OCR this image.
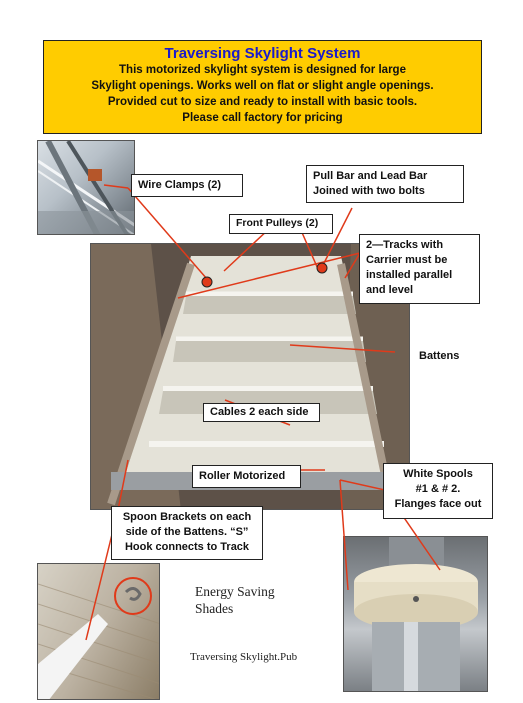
Traversing Skylight System
This motorized skylight system is designed for large
Skylight openings. Works well on flat or slight angle openings.
Provided cut to size and ready to install with basic tools.
Please call factory for pricing
Wire Clamps (2)
Pull Bar and Lead Bar
Joined with two bolts
Front Pulleys (2)
2—Tracks with
Carrier must be
installed parallel
and level
Battens
Cables 2 each side
Roller Motorized	White Spools
#1 & # 2.
Flanges face out
Spoon Brackets on each
side of the Battens. “S”
Hook connects to Track
Energy Saving
Shades
Traversing Skylight.Pub
